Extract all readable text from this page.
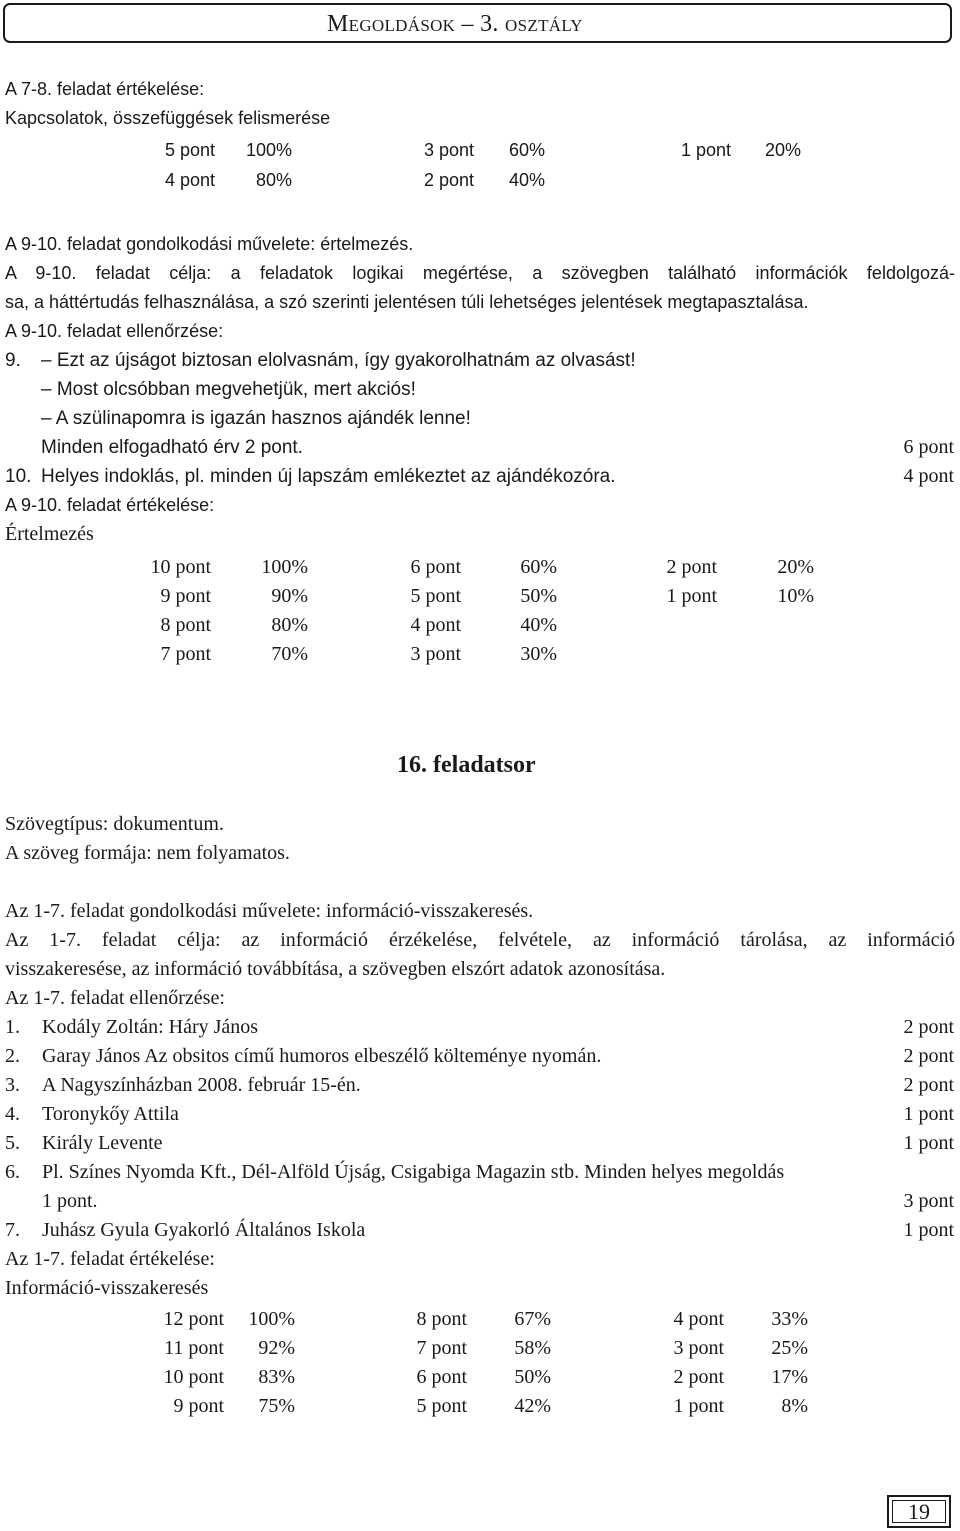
MEGOLDÁSOK – 3. OSZTÁLY
A 7-8. feladat értékelése:
Kapcsolatok, összefüggések felismerése
5 pont 100%	3 pont 60%	1 pont 20%
4 pont 80%	2 pont 40%
A 9-10. feladat gondolkodási művelete: értelmezés.
A 9-10. feladat célja: a feladatok logikai megértése, a szövegben található információk feldolgozá-
sa, a háttértudás felhasználása, a szó szerinti jelentésen túli lehetséges jelentések megtapasztalása.
A 9-10. feladat ellenőrzése:
9. – Ezt az újságot biztosan elolvasnám, így gyakorolhatnám az olvasást!
– Most olcsóbban megvehetjük, mert akciós!
– A szülinapomra is igazán hasznos ajándék lenne!
Minden elfogadható érv 2 pont.	6 pont
10. Helyes indoklás, pl. minden új lapszám emlékeztet az ajándékozóra.	4 pont
A 9-10. feladat értékelése:
Értelmezés
10 pont	100%	6 pont	60%	2 pont	20%
9 pont	90%	5 pont	50%	1 pont	10%
8 pont	80%	4 pont	40%
7 pont	70%	3 pont	30%
16. feladatsor
Szövegtípus: dokumentum.
A szöveg formája: nem folyamatos.
Az 1-7. feladat gondolkodási művelete: információ-visszakeresés.
Az 1-7. feladat célja: az információ érzékelése, felvétele, az információ tárolása, az információ
visszakeresése, az információ továbbítása, a szövegben elszórt adatok azonosítása.
Az 1-7. feladat ellenőrzése:
1. Kodály Zoltán: Háry János	2 pont
2. Garay János Az obsitos című humoros elbeszélő költeménye nyomán.	2 pont
3. A Nagyszínházban 2008. február 15-én.	2 pont
4. Toronykőy Attila	1 pont
5. Király Levente	1 pont
6. Pl. Színes Nyomda Kft., Dél-Alföld Újság, Csigabiga Magazin stb. Minden helyes megoldás
1 pont.	3 pont
7. Juhász Gyula Gyakorló Általános Iskola	1 pont
Az 1-7. feladat értékelése:
Információ-visszakeresés
12 pont 100%	8 pont 67%	4 pont 33%
11 pont 92%	7 pont 58%	3 pont 25%
10 pont 83%	6 pont 50%	2 pont 17%
9 pont 75%	5 pont 42%	1 pont	8%
19
